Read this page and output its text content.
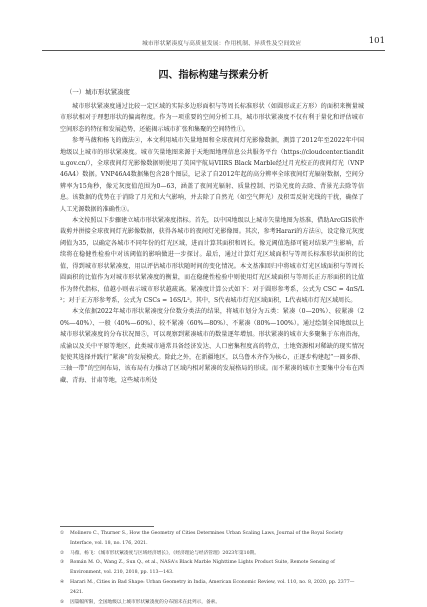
城市形状紧凑度与高质量发展：作用机制、异质性及空间效应	101
四、指标构建与探索分析
（一）城市形状紧凑度

城市形状紧凑度通过比较一定区域的实际多边形面积与等周长标准形状（如圆形或正方形）的面积来衡量城市形状相对于理想形状的偏离程度。作为一项重要的空间分析工具，城市形状紧凑度不仅有利于量化和评估城市空间形态的特征和发展趋势，还能揭示城市扩张和集聚的空间特性①。

参考马薇和杨飞的做法②，本文利用城市矢量地图和全球夜间灯光影像数据，测算了2012年至2022年中国地级以上城市的形状紧凑度。城市矢量地图来源于天地图地理信息公共服务平台（https://cloudcenter.tianditu.gov.cn/），全球夜间灯光影像数据则使用了美国宇航局VIIRS Black Marble经过月光校正的夜间灯光（VNP46A4）数据。VNP46A4数据集包含28个图层，记录了自2012年起的高分辨率全球夜间灯光辐射数据，空间分辨率为15角秒，像元灰度值范围为0—63，涵盖了夜间光辐射、质量控制、污染光度的去除、背景光去除等信息。该数据的优势在于消除了月光和大气影响，并去除了自然光（如空气辉光）及积雪反射光线的干扰，确保了人工光源数据的准确性③。

本文按照以下步骤建立城市形状紧凑度指标。首先，以中国地级以上城市矢量地图为基准，借助ArcGIS软件裁剪并拼接全球夜间灯光影像数据，获得各城市的夜间灯光影像图。其次，参考Harari的方法④，设定像元灰度阈值为35，以确定各城市不同年份的灯光区域，进而计算其面积和周长。像元阈值选择可能对结果产生影响，后续将在稳健性检验中对该阈值的影响做进一步探讨。最后，通过计算灯光区域面积与等周长标准形状面积的比值，得到城市形状紧凑度，用以评估城市形状随时间的变化情况。本文基准回归中将城市灯光区域面积与等周长圆面积的比值作为对城市形状紧凑度的衡量，而在稳健性检验中则使用灯光区域面积与等周长正方形面积的比值作为替代指标，值越小则表示城市形状越疏离。紧凑度计算公式如下：对于圆形参考系，公式为 CSC = 4πS/L²；对于正方形参考系，公式为 CSCs = 16S/L²。其中，S代表城市灯光区域面积，L代表城市灯光区域周长。

本文依据2022年城市形状紧凑度分位数分类法的结果，将城市划分为五类：紧凑（0—20%）、较紧凑（20%—40%）、一般（40%—60%）、较不紧凑（60%—80%）、不紧凑（80%—100%）。通过绘制全国地级以上城市形状紧凑度的分布状况图⑤，可以观察到紧凑城市的数量逐年增加。形状紧凑的城市大多聚集于东南沿海，成渝以及关中平原等地区，此类城市通常具备经济发达、人口密集程度高的特点，土地资源相对稀缺的现实情况促使其选择并践行“紧凑”的发展模式。除此之外，在新疆地区，以乌鲁木齐作为核心，正逐步构建起“一圈多群、三轴一带”的空间布局，该布局有力推动了区域内相对紧凑的发展格局的形成。而不紧凑的城市主要集中分布在西藏、青海、甘肃等地，这些城市所处

① Molinero C., Thurner S., How the Geometry of Cities Determines Urban Scaling Laws, Journal of the Royal Society Interface, vol. 18, no. 176, 2021.
② 马薇、杨飞：《城市形状紧凑度与区域经济增长》，《经济理论与经济管理》2023年第10期。
③ Román M. O., Wang Z., Sun Q., et al., NASA's Black Marble Nighttime Lights Product Suite, Remote Sensing of Environment, vol. 210, 2018, pp. 113—143.
④ Harari M., Cities in Bad Shape: Urban Geometry in India, American Economic Review, vol. 110, no. 8, 2020, pp. 2377—2421.
⑤ 因篇幅所限，全国地级以上城市形状紧凑度的分布图未在此列示，备索。
